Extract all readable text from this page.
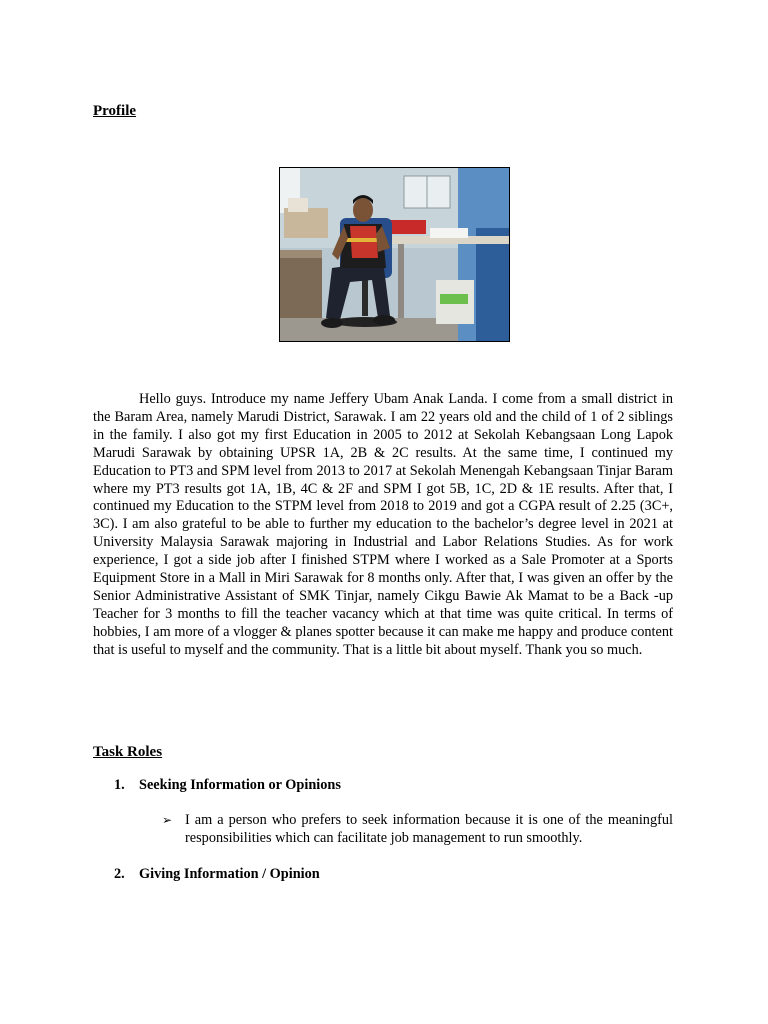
Profile

Hello guys. Introduce my name Jeffery Ubam Anak Landa. I come from a small district in the Baram Area, namely Marudi District, Sarawak. I am 22 years old and the child of 1 of 2 siblings in the family. I also got my first Education in 2005 to 2012 at Sekolah Kebangsaan Long Lapok Marudi Sarawak by obtaining UPSR 1A, 2B & 2C results. At the same time, I continued my Education to PT3 and SPM level from 2013 to 2017 at Sekolah Menengah Kebangsaan Tinjar Baram where my PT3 results got 1A, 1B, 4C & 2F and SPM I got 5B, 1C, 2D & 1E results. After that, I continued my Education to the STPM level from 2018 to 2019 and got a CGPA result of 2.25 (3C+, 3C). I am also grateful to be able to further my education to the bachelor’s degree level in 2021 at University Malaysia Sarawak majoring in Industrial and Labor Relations Studies. As for work experience, I got a side job after I finished STPM where I worked as a Sale Promoter at a Sports Equipment Store in a Mall in Miri Sarawak for 8 months only. After that, I was given an offer by the Senior Administrative Assistant of SMK Tinjar, namely Cikgu Bawie Ak Mamat to be a Back -up Teacher for 3 months to fill the teacher vacancy which at that time was quite critical. In terms of hobbies, I am more of a vlogger & planes spotter because it can make me happy and produce content that is useful to myself and the community. That is a little bit about myself. Thank you so much.

Task Roles

1. Seeking Information or Opinions

➢ I am a person who prefers to seek information because it is one of the meaningful responsibilities which can facilitate job management to run smoothly.

2. Giving Information / Opinion
